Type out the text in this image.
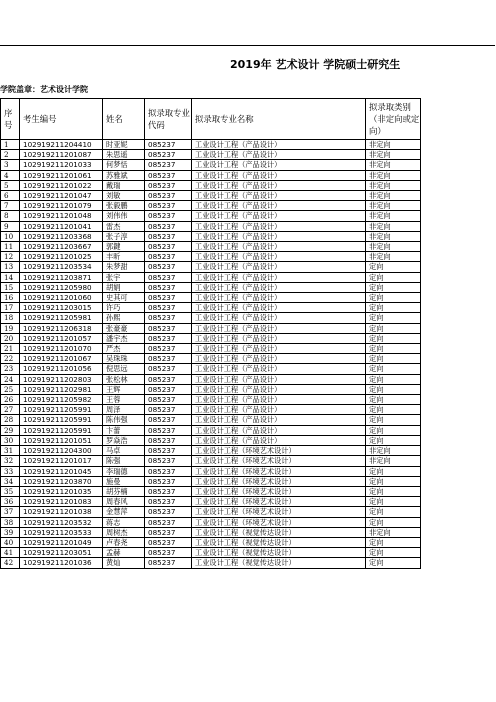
2019年 艺术设计 学院硕士研究生
学院盖章：艺术设计学院
序号	考生编号	姓名	拟录取专业代码	拟录取专业名称	拟录取类别（非定向或定向）
1	102919211204410	时亚妮	085237	工业设计工程（产品设计）	非定向
2	102919211201087	朱思遥	085237	工业设计工程（产品设计）	非定向
3	102919211201033	何梦恬	085237	工业设计工程（产品设计）	非定向
4	102919211201061	苏雅斌	085237	工业设计工程（产品设计）	非定向
5	102919211201022	戴瑞	085237	工业设计工程（产品设计）	非定向
6	102919211201047	刘敏	085237	工业设计工程（产品设计）	非定向
7	102919211201079	张毅鹏	085237	工业设计工程（产品设计）	非定向
8	102919211201048	刘伟伟	085237	工业设计工程（产品设计）	非定向
9	102919211201041	雷杰	085237	工业设计工程（产品设计）	非定向
10	102919211203368	张子淳	085237	工业设计工程（产品设计）	非定向
11	102919211203667	郭鍵	085237	工业设计工程（产品设计）	非定向
12	102919211201025	丰昕	085237	工业设计工程（产品设计）	非定向
13	102919211203534	朱梦甜	085237	工业设计工程（产品设计）	定向
14	102919211203871	张宇	085237	工业设计工程（产品设计）	定向
15	102919211205980	胡娟	085237	工业设计工程（产品设计）	定向
16	102919211201060	史其可	085237	工业设计工程（产品设计）	定向
17	102919211203015	许巧	085237	工业设计工程（产品设计）	定向
18	102919211205981	孙熙	085237	工业设计工程（产品设计）	定向
19	102919211206318	张豪豪	085237	工业设计工程（产品设计）	定向
20	102919211201057	潘宇杰	085237	工业设计工程（产品设计）	定向
21	102919211201070	严杰	085237	工业设计工程（产品设计）	定向
22	102919211201067	吴珠珠	085237	工业设计工程（产品设计）	定向
23	102919211201056	倪思远	085237	工业设计工程（产品设计）	定向
24	102919211202803	张松林	085237	工业设计工程（产品设计）	定向
25	102919211202981	王辉	085237	工业设计工程（产品设计）	定向
26	102919211205982	王蓉	085237	工业设计工程（产品设计）	定向
27	102919211205991	周泽	085237	工业设计工程（产品设计）	定向
28	102919211205991	陈伟强	085237	工业设计工程（产品设计）	定向
29	102919211205991	卞蕾	085237	工业设计工程（产品设计）	定向
30	102919211201051	罗焱浩	085237	工业设计工程（产品设计）	定向
31	102919211204300	马卓	085237	工业设计工程（环境艺术设计）	非定向
32	102919211201017	陈强	085237	工业设计工程（环境艺术设计）	非定向
33	102919211201045	李瑞德	085237	工业设计工程（环境艺术设计）	定向
34	102919211203870	施曼	085237	工业设计工程（环境艺术设计）	定向
35	102919211201035	胡芬楠	085237	工业设计工程（环境艺术设计）	定向
36	102919211201083	周春风	085237	工业设计工程（环境艺术设计）	定向
37	102919211201038	金慧萍	085237	工业设计工程（环境艺术设计）	定向
38	102919211203532	蒋志	085237	工业设计工程（环境艺术设计）	定向
39	102919211203533	周树杰	085237	工业设计工程（视觉传达设计）	非定向
40	102919211201049	卢春尧	085237	工业设计工程（视觉传达设计）	定向
41	102919211203051	孟赫	085237	工业设计工程（视觉传达设计）	定向
42	102919211201036	黄灿	085237	工业设计工程（视觉传达设计）	定向
